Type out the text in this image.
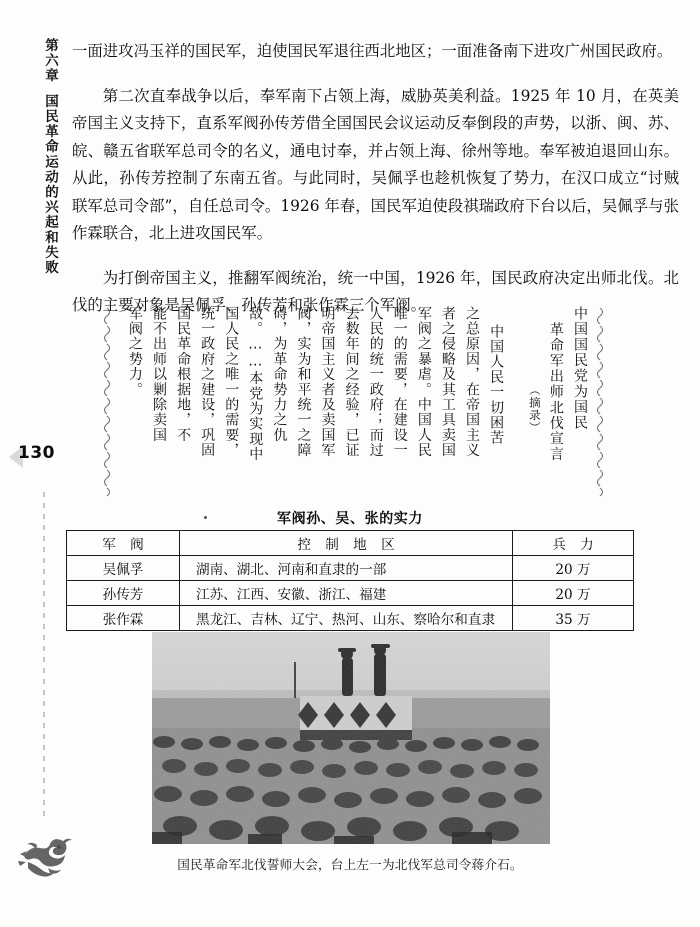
第六章国民革命运动的兴起和失败
130

一面进攻冯玉祥的国民军，迫使国民军退往西北地区；一面准备南下进攻广州国民政府。

第二次直奉战争以后，奉军南下占领上海，威胁英美利益。1925 年 10 月，在英美帝国主义支持下，直系军阀孙传芳借全国国民会议运动反奉倒段的声势，以浙、闽、苏、皖、赣五省联军总司令的名义，通电讨奉，并占领上海、徐州等地。奉军被迫退回山东。从此，孙传芳控制了东南五省。与此同时，吴佩孚也趁机恢复了势力，在汉口成立“讨贼联军总司令部”，自任总司令。1926 年春，国民军迫使段祺瑞政府下台以后，吴佩孚与张作霖联合，北上进攻国民军。

为打倒帝国主义，推翻军阀统治，统一中国，1926 年，国民政府决定出师北伐。北伐的主要对象是吴佩孚、孙传芳和张作霖三个军阀。

中国国民党为国民
革命军出师北伐宣言
（摘录）
中国人民一切困苦
之总原因，在帝国主义
者之侵略及其工具卖国
军阀之暴虐。中国人民
唯一的需要，在建设一
人民的统一政府；而过
去数年间之经验，已证
明帝国主义者及卖国军
阀，实为和平统一之障
碍，为革命势力之仇
敌。……本党为实现中
国人民之唯一的需要，
统一政府之建设，巩固
国民革命根据地，不
能不出师以剿除卖国
军阀之势力。
军阀孙、吴、张的实力
军 阀	控 制 地 区	兵 力
吴佩孚	湖南、湖北、河南和直隶的一部	20 万
孙传芳	江苏、江西、安徽、浙江、福建	20 万
张作霖	黑龙江、吉林、辽宁、热河、山东、察哈尔和直隶	35 万
国民革命军北伐誓师大会，台上左一为北伐军总司令蒋介石。
